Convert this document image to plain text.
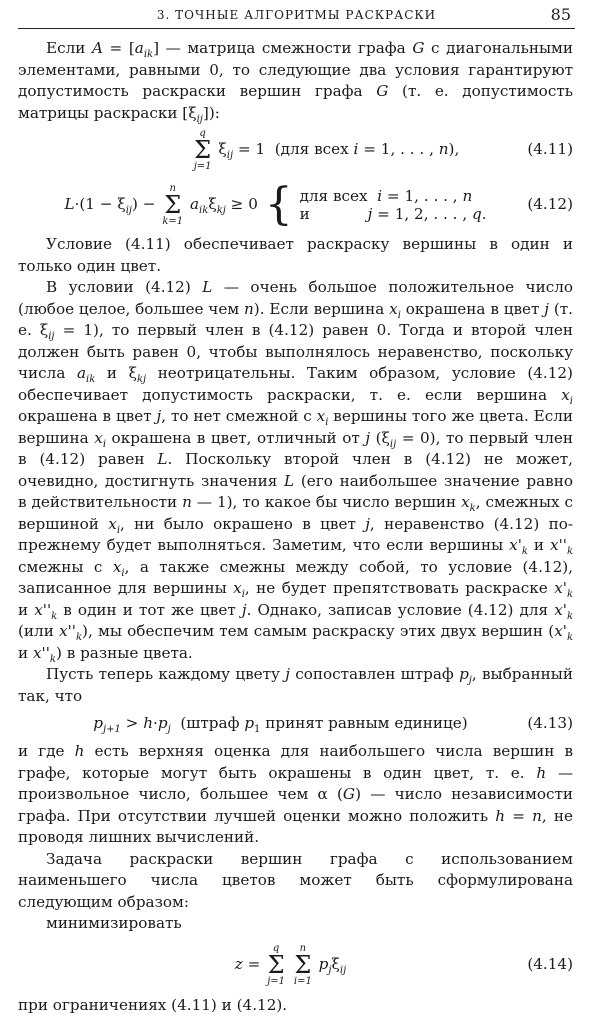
3. ТОЧНЫЕ АЛГОРИТМЫ РАСКРАСКИ	85

Если $A = [a_{ik}]$ — матрица смежности графа G с диагональными элементами, равными 0, то следующие два условия гарантируют допустимость раскраски вершин графа G (т. е. допустимость матрицы раскраски $[\xi_{ij}]$):

q
Σ
j=1
$\xi_{ij} = 1$  (для всех i = 1, . . . , n),	(4.11)
$L\cdot(1 - \xi_{ij})$ −
n
Σ
k=1
$a_{ik}\xi_{kj} \ge 0$ { для всех  i = 1, . . . , n
и            j = 1, 2, . . . , q.
(4.12)

Условие (4.11) обеспечивает раскраску вершины в один и только один цвет.

В условии (4.12) L — очень большое положительное число (любое целое, большее чем n). Если вершина $x_i$ окрашена в цвет j (т. е. $\xi_{ij} = 1$), то первый член в (4.12) равен 0. Тогда и второй член должен быть равен 0, чтобы выполнялось неравенство, поскольку числа $a_{ik}$ и $\xi_{kj}$ неотрицательны. Таким образом, условие (4.12) обеспечивает допустимость раскраски, т. е. если вершина $x_i$ окрашена в цвет j, то нет смежной с $x_i$ вершины того же цвета. Если вершина $x_i$ окрашена в цвет, отличный от j $(\xi_{ij} = 0)$, то первый член в (4.12) равен L. Поскольку второй член в (4.12) не может, очевидно, достигнуть значения L (его наибольшее значение равно в действительности n — 1), то какое бы число вершин $x_k$, смежных с вершиной $x_i$, ни было окрашено в цвет j, неравенство (4.12) по-прежнему будет выполняться. Заметим, что если вершины $x'_k$ и $x''_k$ смежны с $x_i$, а также смежны между собой, то условие (4.12), записанное для вершины $x_i$, не будет препятствовать раскраске $x'_k$ и $x''_k$ в один и тот же цвет j. Однако, записав условие (4.12) для $x'_k$ (или $x''_k$), мы обеспечим тем самым раскраску этих двух вершин ($x'_k$ и $x''_k$) в разные цвета.

Пусть теперь каждому цвету j сопоставлен штраф $p_j$, выбранный так, что

$p_{j+1} > h\cdot p_j$  (штраф $p_1$ принят равным единице)	(4.13)

и где h есть верхняя оценка для наибольшего числа вершин в графе, которые могут быть окрашены в один цвет, т. е. h — произвольное число, большее чем α (G) — число независимости графа. При отсутствии лучшей оценки можно положить h = n, не проводя лишних вычислений.

Задача раскраски вершин графа с использованием наименьшего числа цветов может быть сформулирована следующим образом:

минимизировать

z =
q
Σ
j=1

n
Σ
i=1
$p_j\xi_{ij}$	(4.14)

при ограничениях (4.11) и (4.12).
